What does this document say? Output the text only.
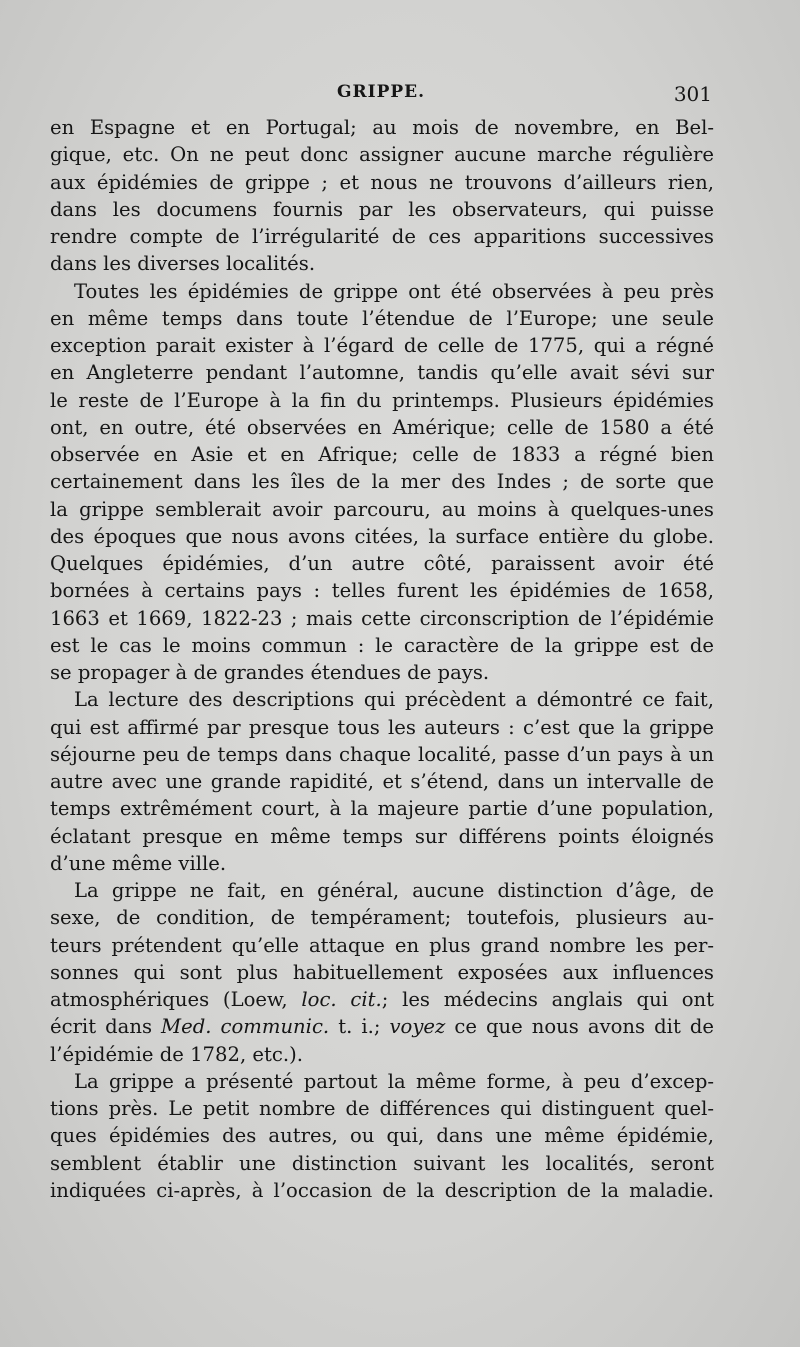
GRIPPE.	301
en Espagne et en Portugal; au mois de novembre, en Bel-
gique, etc. On ne peut donc assigner aucune marche régulière
aux épidémies de grippe ; et nous ne trouvons d’ailleurs rien,
dans les documens fournis par les observateurs, qui puisse
rendre compte de l’irrégularité de ces apparitions successives
dans les diverses localités.
Toutes les épidémies de grippe ont été observées à peu près
en même temps dans toute l’étendue de l’Europe; une seule
exception parait exister à l’égard de celle de 1775, qui a régné
en Angleterre pendant l’automne, tandis qu’elle avait sévi sur
le reste de l’Europe à la fin du printemps. Plusieurs épidémies
ont, en outre, été observées en Amérique; celle de 1580 a été
observée en Asie et en Afrique; celle de 1833 a régné bien
certainement dans les îles de la mer des Indes ; de sorte que
la grippe semblerait avoir parcouru, au moins à quelques-unes
des époques que nous avons citées, la surface entière du globe.
Quelques épidémies, d’un autre côté, paraissent avoir été
bornées à certains pays : telles furent les épidémies de 1658,
1663 et 1669, 1822-23 ; mais cette circonscription de l’épidémie
est le cas le moins commun : le caractère de la grippe est de
se propager à de grandes étendues de pays.
La lecture des descriptions qui précèdent a démontré ce fait,
qui est affirmé par presque tous les auteurs : c’est que la grippe
séjourne peu de temps dans chaque localité, passe d’un pays à un
autre avec une grande rapidité, et s’étend, dans un intervalle de
temps extrêmément court, à la majeure partie d’une population,
éclatant presque en même temps sur différens points éloignés
d’une même ville.
La grippe ne fait, en général, aucune distinction d’âge, de
sexe, de condition, de tempérament; toutefois, plusieurs au-
teurs prétendent qu’elle attaque en plus grand nombre les per-
sonnes qui sont plus habituellement exposées aux influences
atmosphériques (Loew, loc. cit.; les médecins anglais qui ont
écrit dans Med. communic. t. i.; voyez ce que nous avons dit de
l’épidémie de 1782, etc.).
La grippe a présenté partout la même forme, à peu d’excep-
tions près. Le petit nombre de différences qui distinguent quel-
ques épidémies des autres, ou qui, dans une même épidémie,
semblent établir une distinction suivant les localités, seront
indiquées ci-après, à l’occasion de la description de la maladie.
